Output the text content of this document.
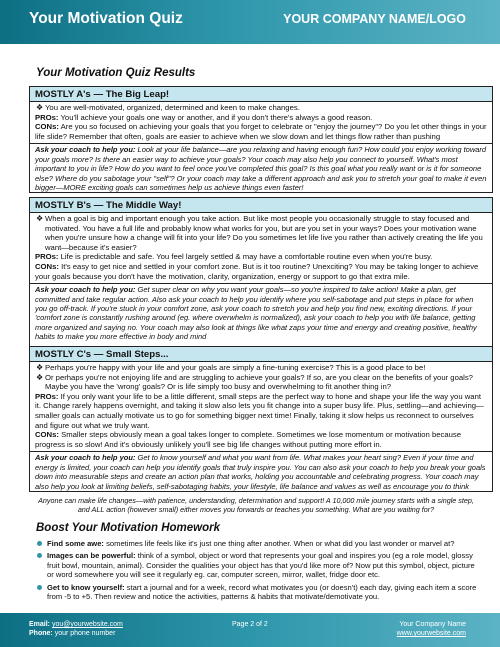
Your Motivation Quiz	YOUR COMPANY NAME/LOGO
Your Motivation Quiz Results
MOSTLY A's — The Big Leap!
❖ You are well-motivated, organized, determined and keen to make changes.
PROs: You'll achieve your goals one way or another, and if you don't there's always a good reason.
CONs: Are you so focused on achieving your goals that you forget to celebrate or "enjoy the journey"? Do you let other things in your life slide? Remember that often, goals are easier to achieve when we slow down and let things flow rather than pushing
Ask your coach to help you: Look at your life balance—are you relaxing and having enough fun? How could you enjoy working toward your goals more? Is there an easier way to achieve your goals? Your coach may also help you connect to yourself. What's most important to you in life? How do you want to feel once you've completed this goal? Is this goal what you really want or is it for someone else? Where do you sabotage your "self"? Or your coach may take a different approach and ask you to stretch your goal to make it even bigger—MORE exciting goals can sometimes help us achieve things even faster!
MOSTLY B's — The Middle Way!
❖ When a goal is big and important enough you take action. But like most people you occasionally struggle to stay focused and motivated. You have a full life and probably know what works for you, but are you set in your ways? Does your motivation wane when you're unsure how a change will fit into your life? Do you sometimes let life live you rather than actively creating the life you want—because it's easier?
PROs: Life is predictable and safe. You feel largely settled & may have a comfortable routine even when you're busy.
CONs: It's easy to get nice and settled in your comfort zone. But is it too routine? Unexciting? You may be taking longer to achieve your goals because you don't have the motivation, clarity, organization, energy or support to go that extra mile.
Ask your coach to help you: Get super clear on why you want your goals—so you're inspired to take action! Make a plan, get committed and take regular action. Also ask your coach to help you identify where you self-sabotage and put steps in place for when you go off-track. If you're stuck in your comfort zone, ask your coach to stretch you and help you find new, exciting directions. If your 'comfort zone is constantly rushing around (eg. where overwhelm is normalized), ask your coach to help you with life balance, getting more organized and saying no. Your coach may also look at things like what zaps your time and energy and creating positive, healthy habits to make you more effective in body and mind
MOSTLY C's — Small Steps...
❖ Perhaps you're happy with your life and your goals are simply a fine-tuning exercise? This is a good place to be!
❖ Or perhaps you're not enjoying life and are struggling to achieve your goals? If so, are you clear on the benefits of your goals? Maybe you have the 'wrong' goals? Or is life simply too busy and overwhelming to fit another thing in?
PROs: If you only want your life to be a little different, small steps are the perfect way to hone and shape your life the way you want it. Change rarely happens overnight, and taking it slow also lets you fit change into a super busy life. Plus, settling—and achieving—smaller goals can actually motivate us to go for something bigger next time! Finally, taking it slow helps us reconnect to ourselves and figure out what we truly want.
CONs: Smaller steps obviously mean a goal takes longer to complete. Sometimes we lose momentum or motivation because progress is so slow! And it's obviously unlikely you'll see big life changes without putting more effort in.
Ask your coach to help you: Get to know yourself and what you want from life. What makes your heart sing? Even if your time and energy is limited, your coach can help you identify goals that truly inspire you. You can also ask your coach to help you break your goals down into measurable steps and create an action plan that works, holding you accountable and celebrating progress. Your coach may also help you look at limiting beliefs, self-sabotaging habits, your lifestyle, life balance and values as well as encourage you to think
Anyone can make life changes—with patience, understanding, determination and support! A 10,000 mile journey starts with a single step, and ALL action (however small) either moves you forwards or teaches you something. What are you waiting for?
Boost Your Motivation Homework
Find some awe: sometimes life feels like it's just one thing after another. When or what did you last wonder or marvel at?
Images can be powerful: think of a symbol, object or word that represents your goal and inspires you (eg a role model, glossy fruit bowl, mountain, animal). Consider the qualities your object has that you'd like more of? Now put this symbol, object, picture or word somewhere you will see it regularly eg. car, computer screen, mirror, wallet, fridge door etc.
Get to know yourself: start a journal and for a week, record what motivates you (or doesn't) each day, giving each item a score from -5 to +5. Then review and notice the activities, patterns & habits that motivate/demotivate you.
Email: you@yourwebsite.com
Phone: your phone number
Page 2 of 2	Your Company Name
www.yourwebsite.com
